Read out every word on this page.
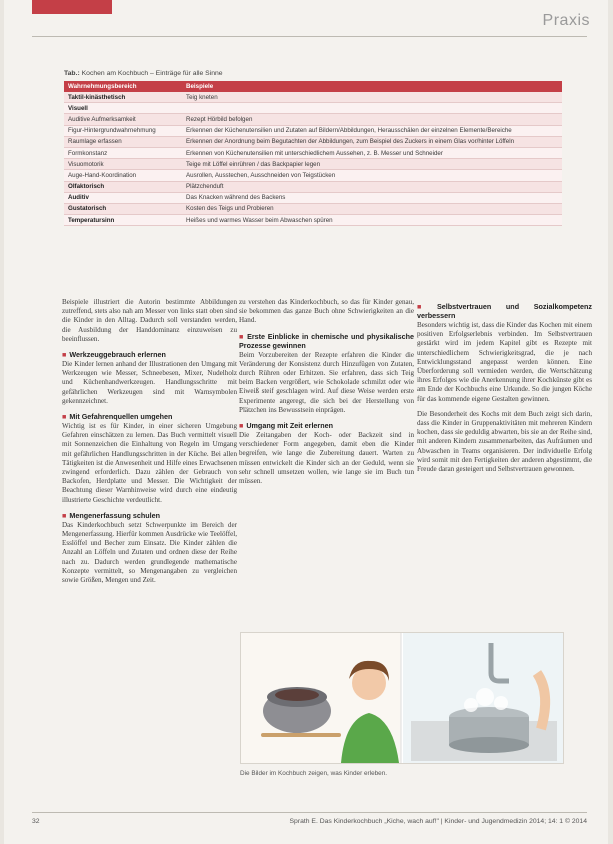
Praxis
Tab.: Kochen am Kochbuch – Einträge für alle Sinne
Wahrnehmungsbereich	Beispiele
Taktil-kinästhetisch	Teig kneten
Visuell	
Auditive Aufmerksamkeit	Rezept Hörbild befolgen
Figur-Hintergrundwahrnehmung	Erkennen der Küchenutensilien und Zutaten auf Bildern/Abbildungen, Herausschälen der einzelnen Elemente/Bereiche
Raumlage erfassen	Erkennen der Anordnung beim Begutachten der Abbildungen, zum Beispiel des Zuckers in einem Glas vor/hinter Löffeln
Formkonstanz	Erkennen von Küchenutensilien mit unterschiedlichem Aussehen, z. B. Messer und Schneider
Visuomotorik	Teige mit Löffel einrühren / das Backpapier legen
Auge-Hand-Koordination	Ausrollen, Ausstechen, Ausschneiden von Teigstücken
Olfaktorisch	Plätzchenduft
Auditiv	Das Knacken während des Backens
Gustatorisch	Kosten des Teigs und Probieren
Temperatursinn	Heißes und warmes Wasser beim Abwaschen spüren

Beispiele illustriert die Autorin bestimmte Abbildungen zutreffend, stets also nah am Messer von links statt oben sind die Kinder in den Alltag. Dadurch soll verstanden werden, die Ausbildung der Handdominanz einzuweisen zu beeinflussen.

■ Werkzeuggebrauch erlernen

Die Kinder lernen anhand der Illustrationen den Umgang mit Werkzeugen wie Messer, Schneebesen, Mixer, Nudelholz und Küchenhandwerkzeugen. Handlungsschritte mit gefährlichen Werkzeugen sind mit Warnsymbolen gekennzeichnet.

■ Mit Gefahrenquellen umgehen

Wichtig ist es für Kinder, in einer sicheren Umgebung Gefahren einschätzen zu lernen. Das Buch vermittelt visuell mit Sonnenzeichen die Einhaltung von Regeln im Umgang mit gefährlichen Handlungsschritten in der Küche. Bei allen Tätigkeiten ist die Anwesenheit und Hilfe eines Erwachsenen zwingend erforderlich. Dazu zählen der Gebrauch von Backofen, Herdplatte und Messer. Die Wichtigkeit der Beachtung dieser Warnhinweise wird durch eine eindeutig illustrierte Geschichte verdeutlicht.

■ Mengenerfassung schulen

Das Kinderkochbuch setzt Schwerpunkte im Bereich der Mengenerfassung. Hierfür kommen Ausdrücke wie Teelöffel, Esslöffel und Becher zum Einsatz. Die Kinder zählen die Anzahl an Löffeln und Zutaten und ordnen diese der Reihe nach zu. Dadurch werden grundlegende mathematische Konzepte vermittelt, so Mengenangaben zu vergleichen sowie Größen, Mengen und Zeit.

zu verstehen das Kinderkochbuch, so das für Kinder genau, sie bekommen das ganze Buch ohne Schwierigkeiten an die Hand.

■ Erste Einblicke in chemische und physikalische Prozesse gewinnen

Beim Vorzubereiten der Rezepte erfahren die Kinder die Veränderung der Konsistenz durch Hinzufügen von Zutaten, durch Rühren oder Erhitzen. Sie erfahren, dass sich Teig beim Backen vergrößert, wie Schokolade schmilzt oder wie Eiweiß steif geschlagen wird. Auf diese Weise werden erste Experimente angeregt, die sich bei der Herstellung von Plätzchen ins Bewusstsein einprägen.

■ Umgang mit Zeit erlernen

Die Zeitangaben der Koch- oder Backzeit sind in verschiedener Form angegeben, damit eben die Kinder begreifen, wie lange die Zubereitung dauert. Warten zu müssen entwickelt die Kinder sich an der Geduld, wenn sie sehr schnell umsetzen wollen, wie lange sie im Buch tun müssen.

■ Selbstvertrauen und Sozialkompetenz verbessern

Besonders wichtig ist, dass die Kinder das Kochen mit einem positiven Erfolgserlebnis verbinden. Im Selbstvertrauen gestärkt wird im jedem Kapitel gibt es Rezepte mit unterschiedlichem Schwierigkeitsgrad, die je nach Entwicklungsstand angepasst werden können. Eine Überforderung soll vermieden werden, die Wertschätzung ihres Erfolges wie die Anerkennung ihrer Kochkünste gibt es am Ende der Kochbuchs eine Urkunde. So die jungen Köche für das kommende eigene Gestalten gewinnen.

Die Besonderheit des Kochs mit dem Buch zeigt sich darin, dass die Kinder in Gruppenaktivitäten mit mehreren Kindern kochen, dass sie geduldig abwarten, bis sie an der Reihe sind, mit anderen Kindern zusammenarbeiten, das Aufräumen und Abwaschen in Teams organisieren. Der individuelle Erfolg wird somit mit den Fertigkeiten der anderen abgestimmt, die Freude daran gesteigert und Selbstvertrauen gewonnen.

Die Bilder im Kochbuch zeigen, was Kinder erleben.
32	Sprath E. Das Kinderkochbuch „Kiche, wach auf!" | Kinder- und Jugendmedizin 2014; 14: 1 © 2014
